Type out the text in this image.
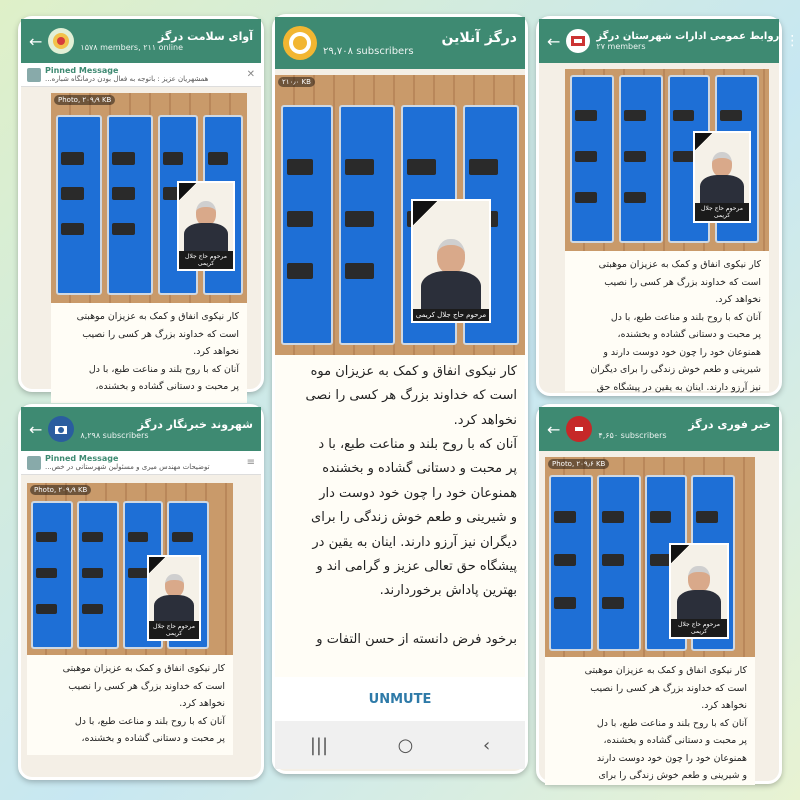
←	آوای سلامت درگز
۱۵۷۸ members, ۲۱۱ online
Pinned Message
همشهریان عزیز : باتوجه به فعال بودن درمانگاه شباره...	✕
Photo, ۲۰۹٫۹ KB
مرحوم حاج جلال کریمی

کار نیکوی انفاق و کمک به عزیزان موهبتی

است که خداوند بزرگ هر کسی را نصیب

نخواهد کرد.

آنان که با روح بلند و مناعت طبع، با دل

پر محبت و دستانی گشاده و بخشنده،

درگز آنلاین
۲۹,۷۰۸ subscribers
۲۱۰٫۰ KB
مرحوم حاج جلال کریمی

کار نیکوی انفاق و کمک به عزیزان موه

است که خداوند بزرگ هر کسی را نصی

نخواهد کرد.

آنان که با روح بلند و مناعت طبع، با د

پر محبت و دستانی گشاده و بخشنده

همنوعان خود را چون خود دوست دار

و شیرینی و طعم خوش زندگی را برای

دیگران نیز آرزو دارند. اینان به یقین در

پیشگاه حق تعالی عزیز و گرامی اند و

بهترین پاداش برخوردارند.

برخود فرض دانسته از حسن التفات و

UNMUTE
|||	○	‹
←	روابط عمومی ادارات شهرستان درگز
۲۷ members	⋮
مرحوم حاج جلال کریمی

کار نیکوی انفاق و کمک به عزیزان موهبتی

است که خداوند بزرگ هر کسی را نصیب

نخواهد کرد.

آنان که با روح بلند و مناعت طبع، با دل

پر محبت و دستانی گشاده و بخشنده،

همنوعان خود را چون خود دوست دارند و

شیرینی و طعم خوش زندگی را برای دیگران

نیز آرزو دارند. اینان به یقین در پیشگاه حق

←	شهروند خبرنگار درگز
۸,۲۹۸ subscribers
Pinned Message
توضیحات مهندس میری و مسئولین شهرستانی در خص...	≡
Photo, ۲۰۹٫۹ KB
مرحوم حاج جلال کریمی

کار نیکوی انفاق و کمک به عزیزان موهبتی

است که خداوند بزرگ هر کسی را نصیب

نخواهد کرد.

آنان که با روح بلند و مناعت طبع، با دل

پر محبت و دستانی گشاده و بخشنده،

←	خبر فوری درگز
۴,۶۵۰ subscribers
Photo, ۲۰۹٫۶ KB
مرحوم حاج جلال کریمی

کار نیکوی انفاق و کمک به عزیزان موهبتی

است که خداوند بزرگ هر کسی را نصیب

نخواهد کرد.

آنان که با روح بلند و مناعت طبع، با دل

پر محبت و دستانی گشاده و بخشنده،

همنوعان خود را چون خود دوست دارند

و شیرینی و طعم خوش زندگی را برای
